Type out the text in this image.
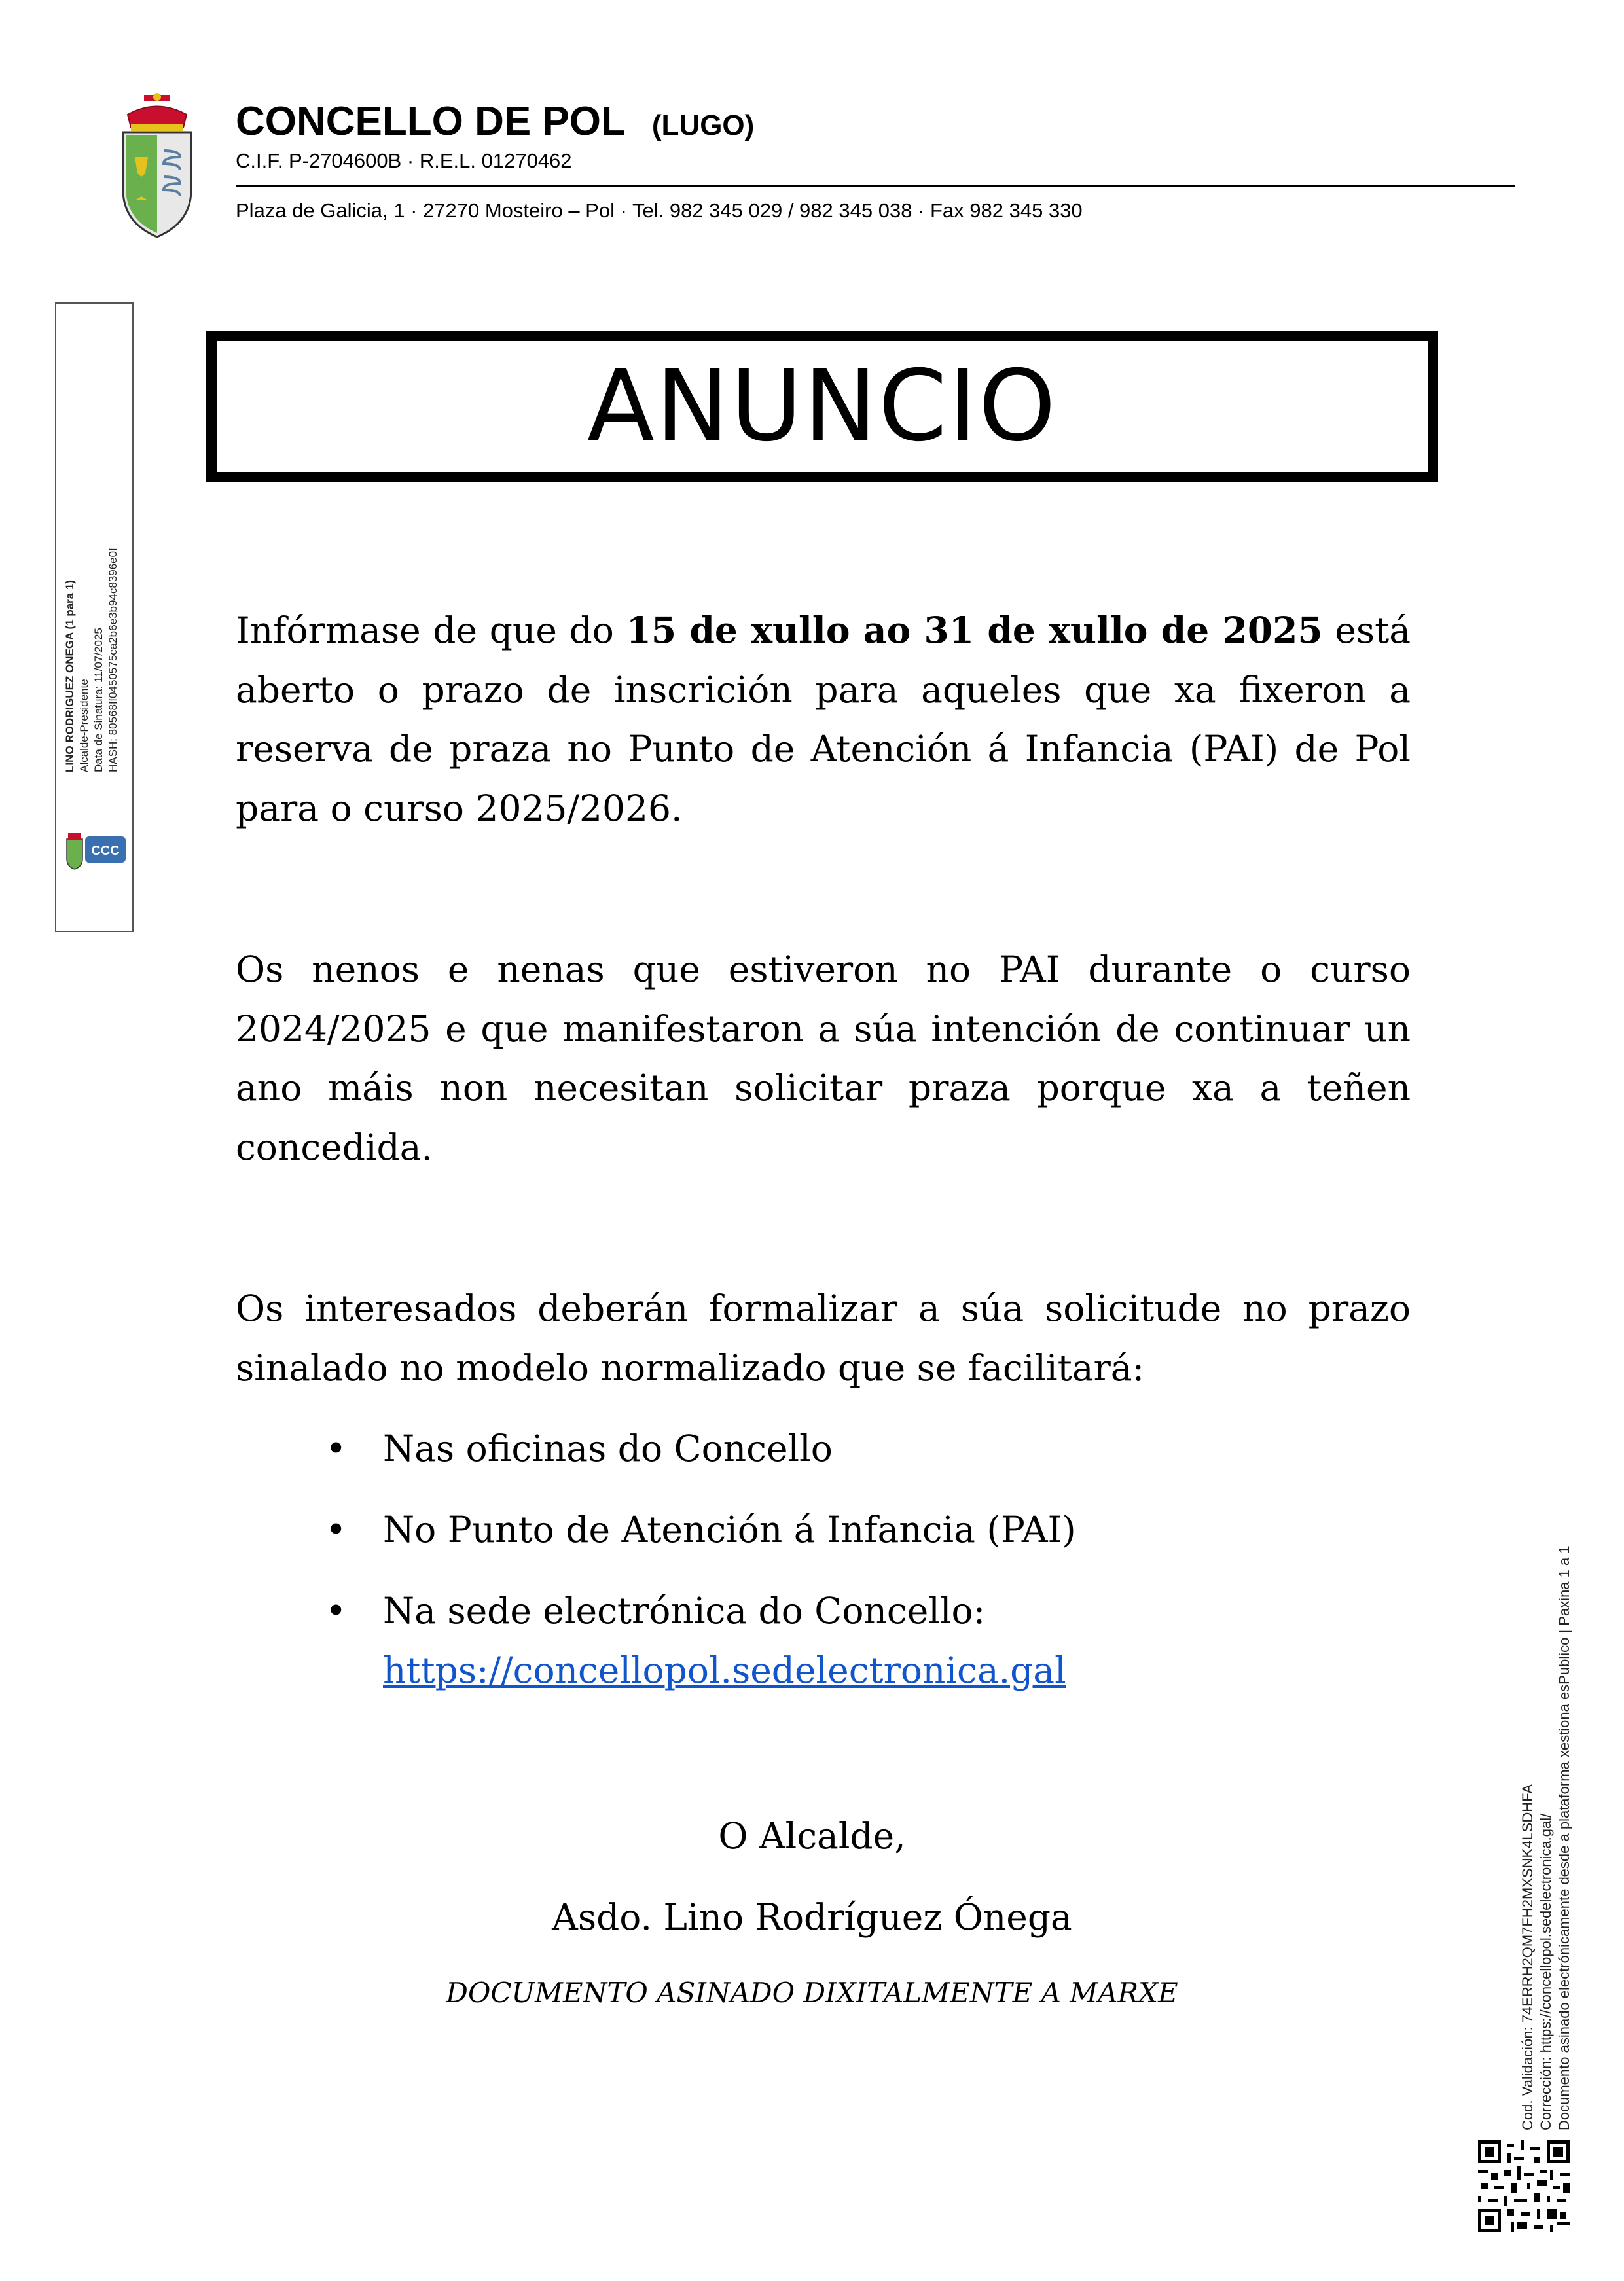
CONCELLO DE POL (LUGO)
C.I.F. P-2704600B · R.E.L. 01270462
Plaza de Galicia, 1 · 27270 Mosteiro – Pol · Tel. 982 345 029 / 982 345 038 · Fax 982 345 330
LINO RODRIGUEZ ONEGA (1 para 1) Alcalde-Presidente Data de Sinatura: 11/07/2025 HASH: 80568ff0450575ca2b6e3b94c8396e0f
CCC
ANUNCIO
Infórmase de que do 15 de xullo ao 31 de xullo de 2025 está aberto o prazo de inscrición para aqueles que xa fixeron a reserva de praza no Punto de Atención á Infancia (PAI) de Pol para o curso 2025/2026.
Os nenos e nenas que estiveron no PAI durante o curso 2024/2025 e que manifestaron a súa intención de continuar un ano máis non necesitan solicitar praza porque xa a teñen concedida.
Os interesados deberán formalizar a súa solicitude no prazo sinalado no modelo normalizado que se facilitará:
• Nas oficinas do Concello
• No Punto de Atención á Infancia (PAI)
• Na sede electrónica do Concello:
https://concellopol.sedelectronica.gal
O Alcalde,
Asdo. Lino Rodríguez Ónega
DOCUMENTO ASINADO DIXITALMENTE A MARXE	Cod. Validación: 74ERRH2QM7FH2MXSNK4LSDHFA Corrección: https://concellopol.sedelectronica.gal/ Documento asinado electrónicamente desde a plataforma xestiona esPublico | Paxina 1 a 1
